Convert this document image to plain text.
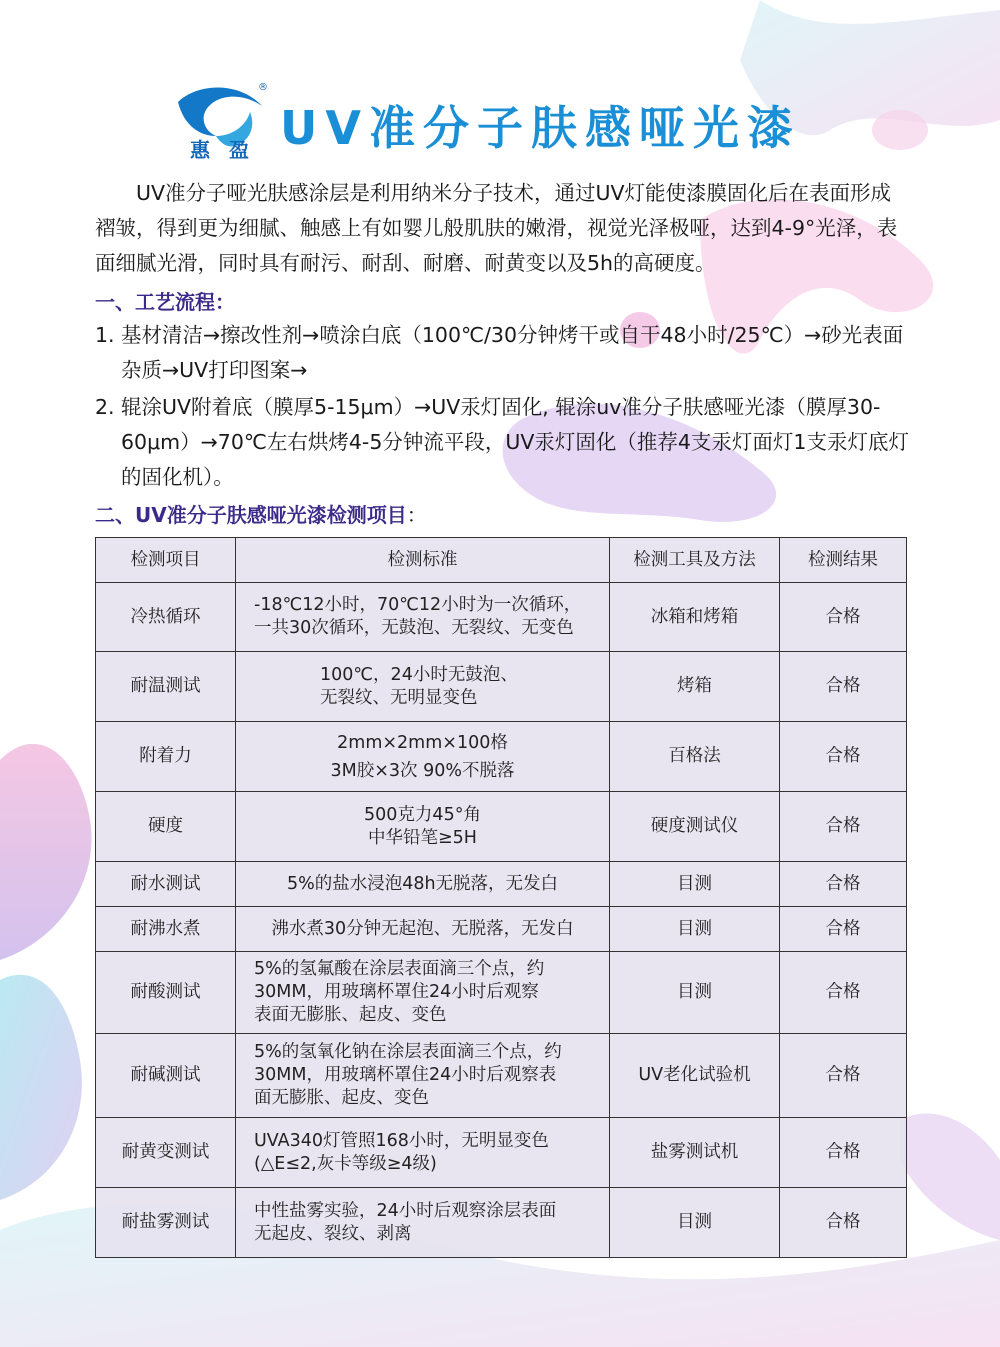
惠 盈
®
UV准分子肤感哑光漆

UV准分子哑光肤感涂层是利用纳米分子技术，通过UV灯能使漆膜固化后在表面形成褶皱，得到更为细腻、触感上有如婴儿般肌肤的嫩滑，视觉光泽极哑，达到4-9°光泽，表面细腻光滑，同时具有耐污、耐刮、耐磨、耐黄变以及5h的高硬度。

一、工艺流程：
1. 基材清洁→擦改性剂→喷涂白底（100℃/30分钟烤干或自干48小时/25℃）→砂光表面杂质→UV打印图案→
2. 辊涂UV附着底（膜厚5-15μm）→UV汞灯固化, 辊涂uv准分子肤感哑光漆（膜厚30-60μm）→70℃左右烘烤4-5分钟流平段，UV汞灯固化（推荐4支汞灯面灯1支汞灯底灯的固化机）。
二、UV准分子肤感哑光漆检测项目：
检测项目	检测标准	检测工具及方法	检测结果
冷热循环	-18℃12小时，70℃12小时为一次循环，
一共30次循环，无鼓泡、无裂纹、无变色	冰箱和烤箱	合格
耐温测试	100℃，24小时无鼓泡、
无裂纹、无明显变色	烤箱	合格
附着力	2mm×2mm×100格
3M胶×3次 90%不脱落	百格法	合格
硬度	500克力45°角
中华铅笔≥5H	硬度测试仪	合格
耐水测试	5%的盐水浸泡48h无脱落，无发白	目测	合格
耐沸水煮	沸水煮30分钟无起泡、无脱落，无发白	目测	合格
耐酸测试	5%的氢氟酸在涂层表面滴三个点，约
30MM，用玻璃杯罩住24小时后观察
表面无膨胀、起皮、变色	目测	合格
耐碱测试	5%的氢氧化钠在涂层表面滴三个点，约
30MM，用玻璃杯罩住24小时后观察表
面无膨胀、起皮、变色	UV老化试验机	合格
耐黄变测试	UVA340灯管照168小时，无明显变色
(△E≤2,灰卡等级≥4级)	盐雾测试机	合格
耐盐雾测试	中性盐雾实验，24小时后观察涂层表面
无起皮、裂纹、剥离	目测	合格
